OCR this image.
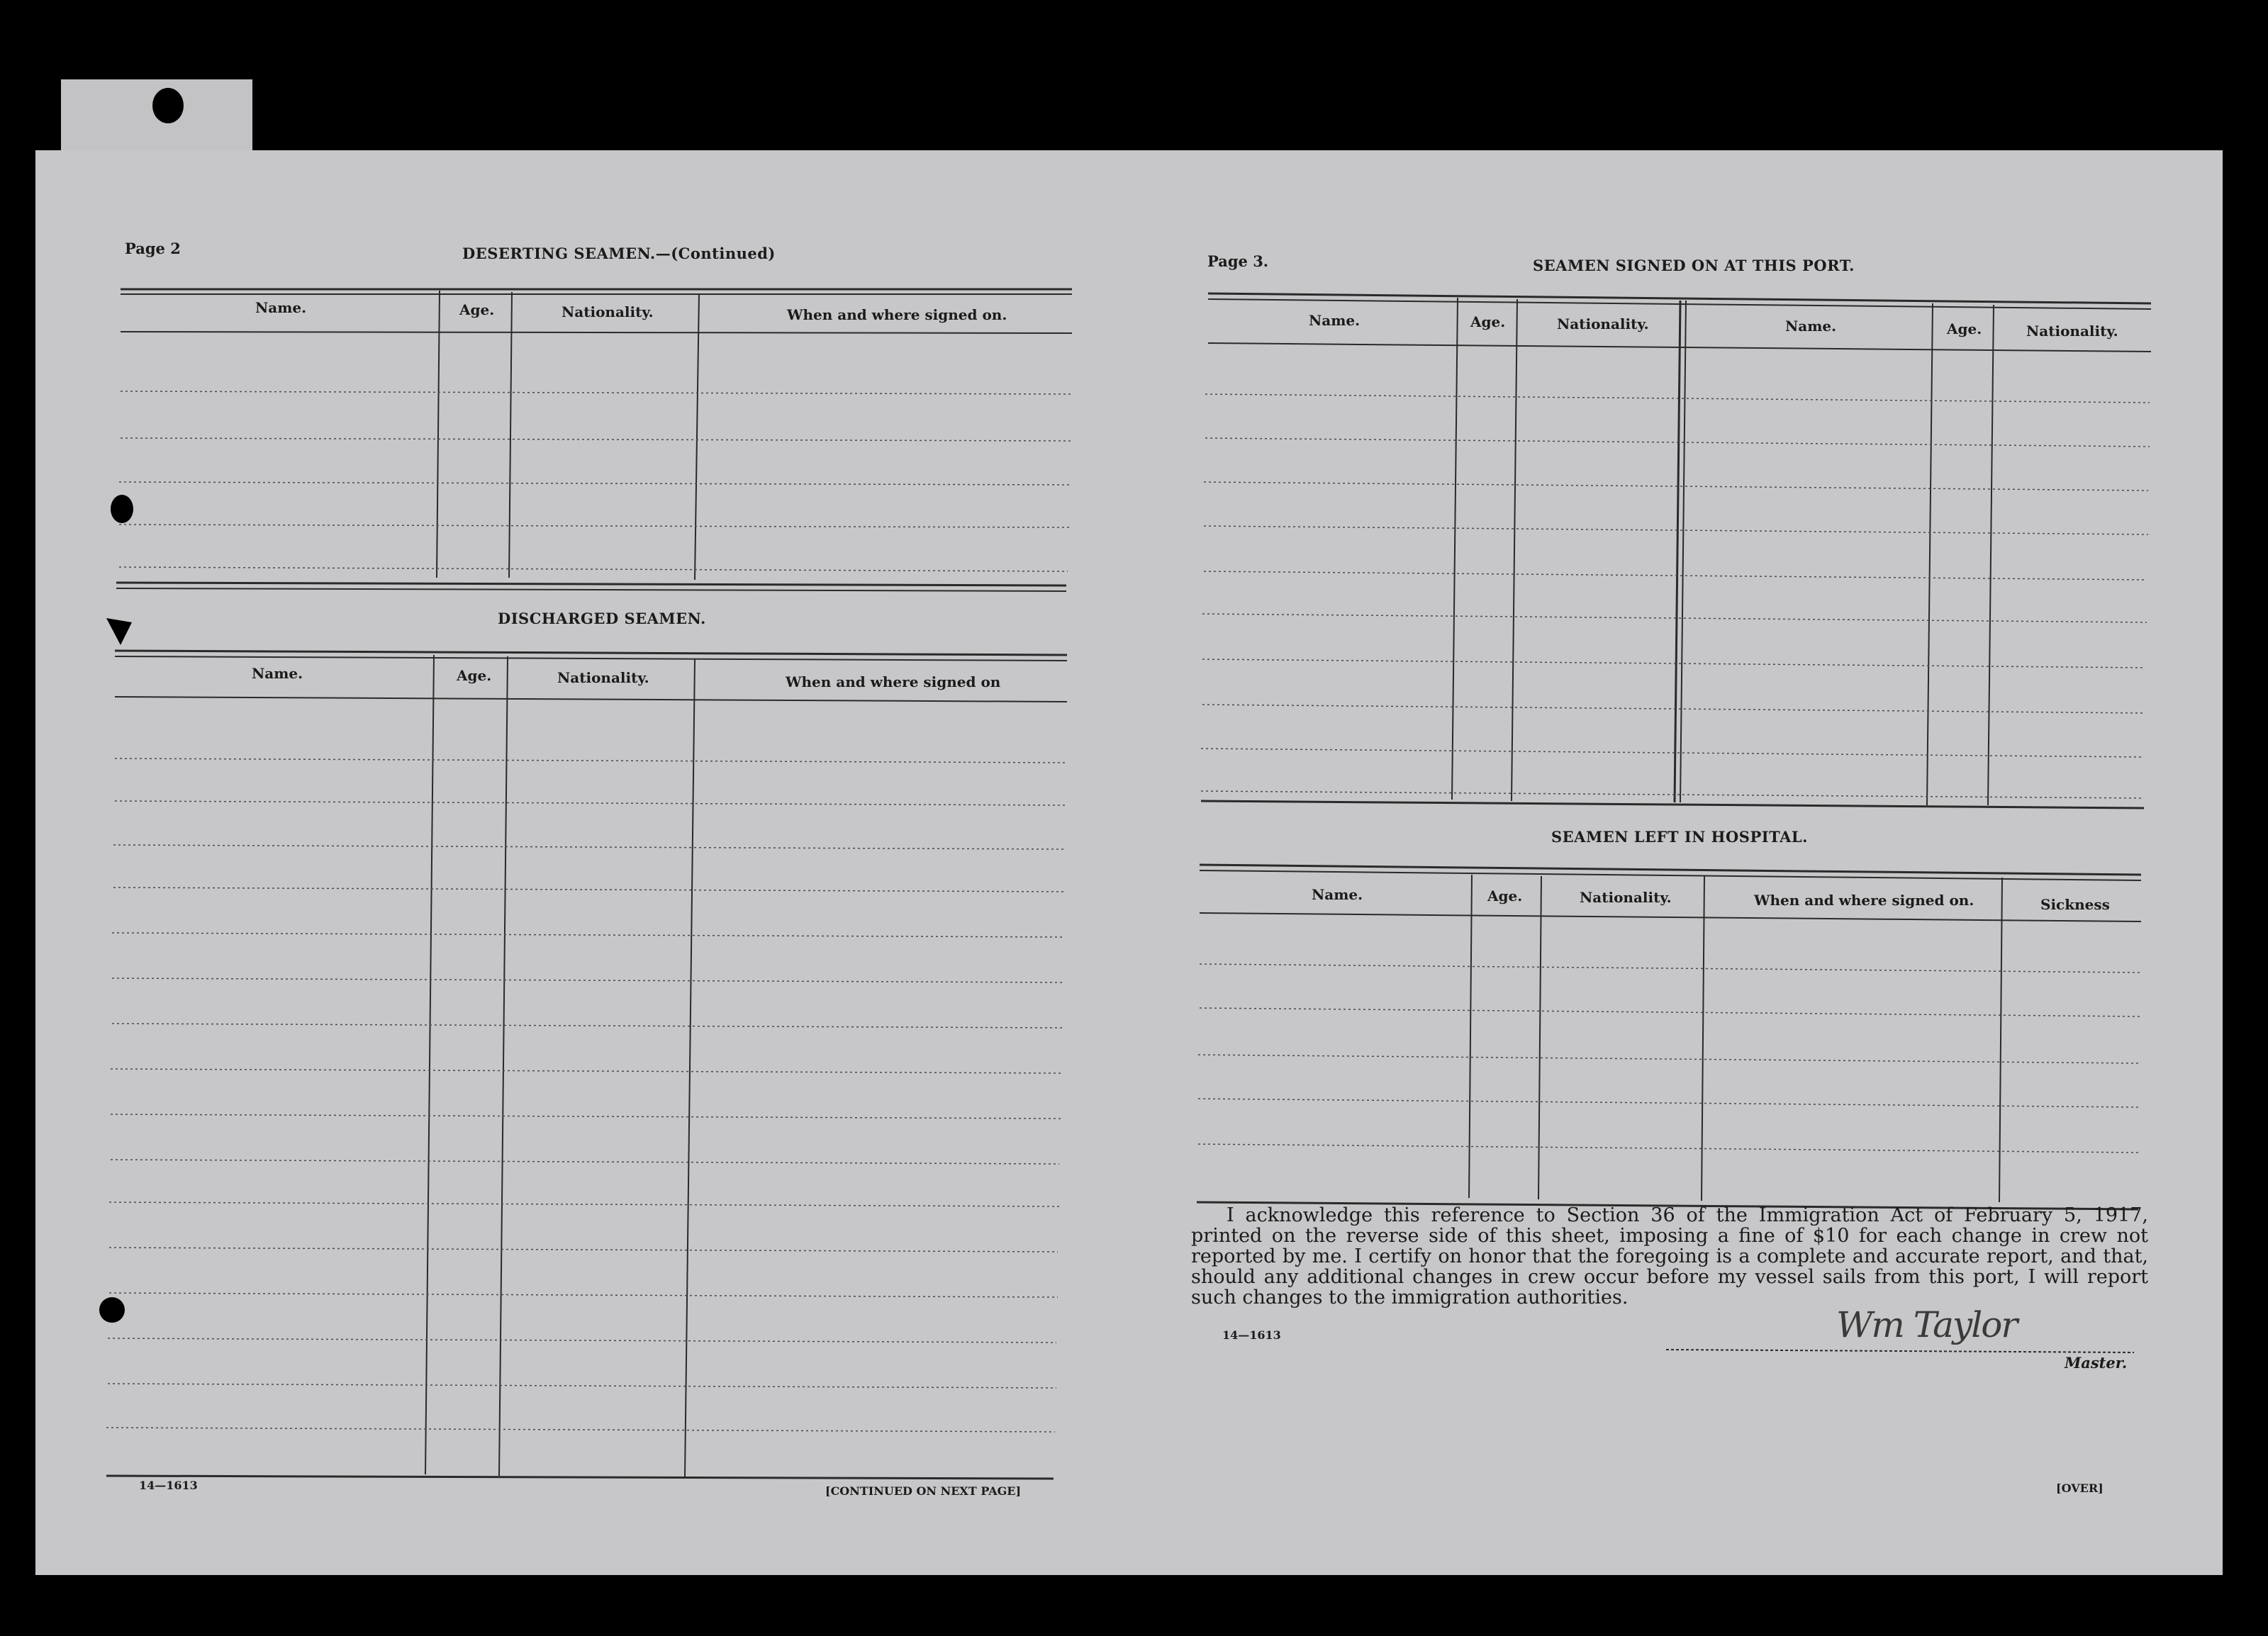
Page 2	DESERTING SEAMEN.—(Continued)
Name.	Age.	Nationality.	When and where signed on.
DISCHARGED SEAMEN.
Name.	Age.	Nationality.	When and where signed on
14—1613	[CONTINUED ON NEXT PAGE]
Page 3.	SEAMEN SIGNED ON AT THIS PORT.
Name.	Age.	Nationality.	Name.	Age.	Nationality.
SEAMEN LEFT IN HOSPITAL.
Name.	Age.	Nationality.	When and where signed on.	Sickness
I acknowledge this reference to Section 36 of the Immigration Act of February 5, 1917, printed on the reverse side of this sheet, imposing a fine of $10 for each change in crew not reported by me. I certify on honor that the foregoing is a complete and accurate report, and that, should any additional changes in crew occur before my vessel sails from this port, I will report such changes to the immigration authorities.
14—1613	Wm Taylor
Master.
[OVER]
